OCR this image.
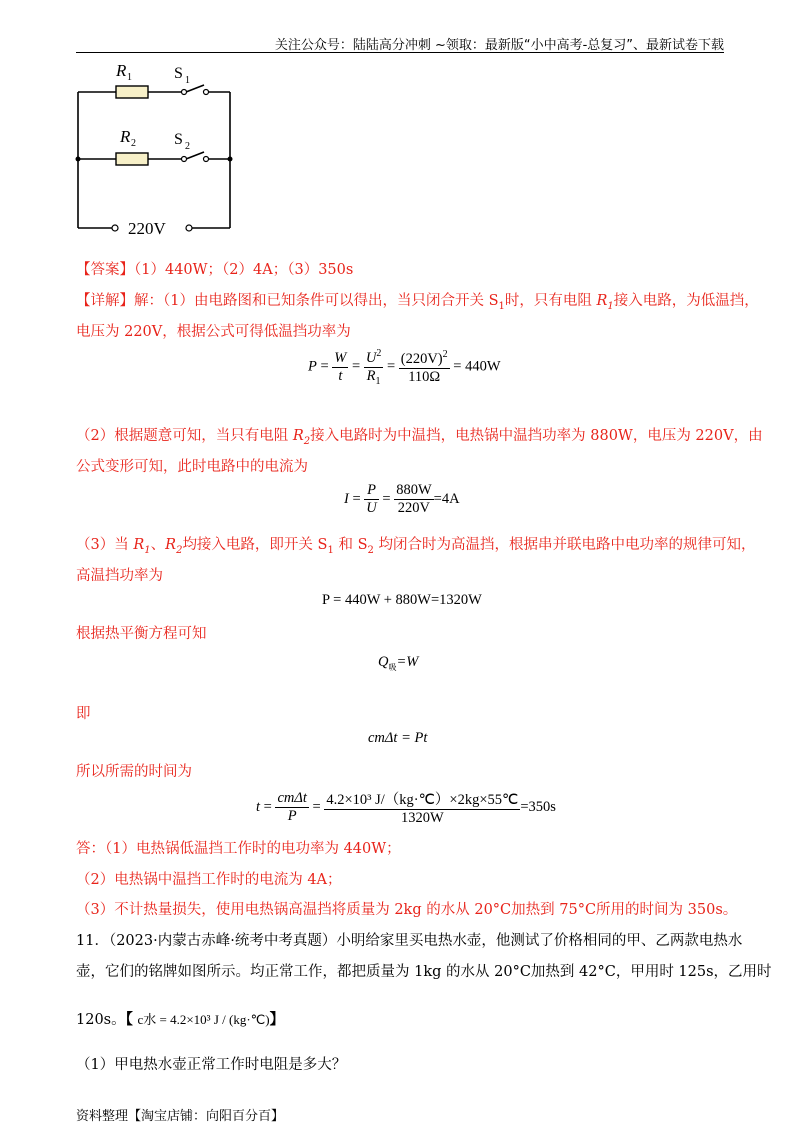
关注公众号：陆陆高分冲刺 ~领取：最新版“小中高考-总复习”、最新试卷下载
R 1	S 1
R 2 S 2
220V
【答案】（1）440W；（2）4A；（3）350s
【详解】解：（1）由电路图和已知条件可以得出，当只闭合开关 $S_1$时，只有电阻 $R_1$接入电路，为低温挡，
电压为 220V，根据公式可得低温挡功率为
$P = \frac{W}{t} = \frac{U^2}{R_1} = \frac{(220V)^2}{110\Omega} = 440W$
（2）根据题意可知，当只有电阻 $R_2$接入电路时为中温挡，电热锅中温挡功率为 880W，电压为 220V，由
公式变形可知，此时电路中的电流为
$I = \frac{P}{U} = \frac{880W}{220V} =4A$
（3）当 $R_1$、$R_2$均接入电路，即开关 $S_1$ 和 $S_2$ 均闭合时为高温挡，根据串并联电路中电功率的规律可知，
高温挡功率为
P = 440W + 880W=1320W
根据热平衡方程可知
$Q_吸=W$
即
cmΔt = Pt
所以所需的时间为
$t = \frac{\text{cmΔt}}{P} = \frac{\text{4.2×10³ J/（kg·℃）×2kg×55℃}}{1320W} =350s$
答：（1）电热锅低温挡工作时的电功率为 440W；
（2）电热锅中温挡工作时的电流为 4A；
（3）不计热量损失，使用电热锅高温挡将质量为 2kg 的水从 20°C加热到 75°C所用的时间为 350s。
11．（2023·内蒙古赤峰·统考中考真题）小明给家里买电热水壶，他测试了价格相同的甲、乙两款电热水
壶，它们的铭牌如图所示。均正常工作，都把质量为 1kg 的水从 20°C加热到 42°C，甲用时 125s，乙用时
120s。【 c水 = 4.2×10³ J / (kg·℃)】
（1）甲电热水壶正常工作时电阻是多大？
资料整理【淘宝店铺：向阳百分百】
